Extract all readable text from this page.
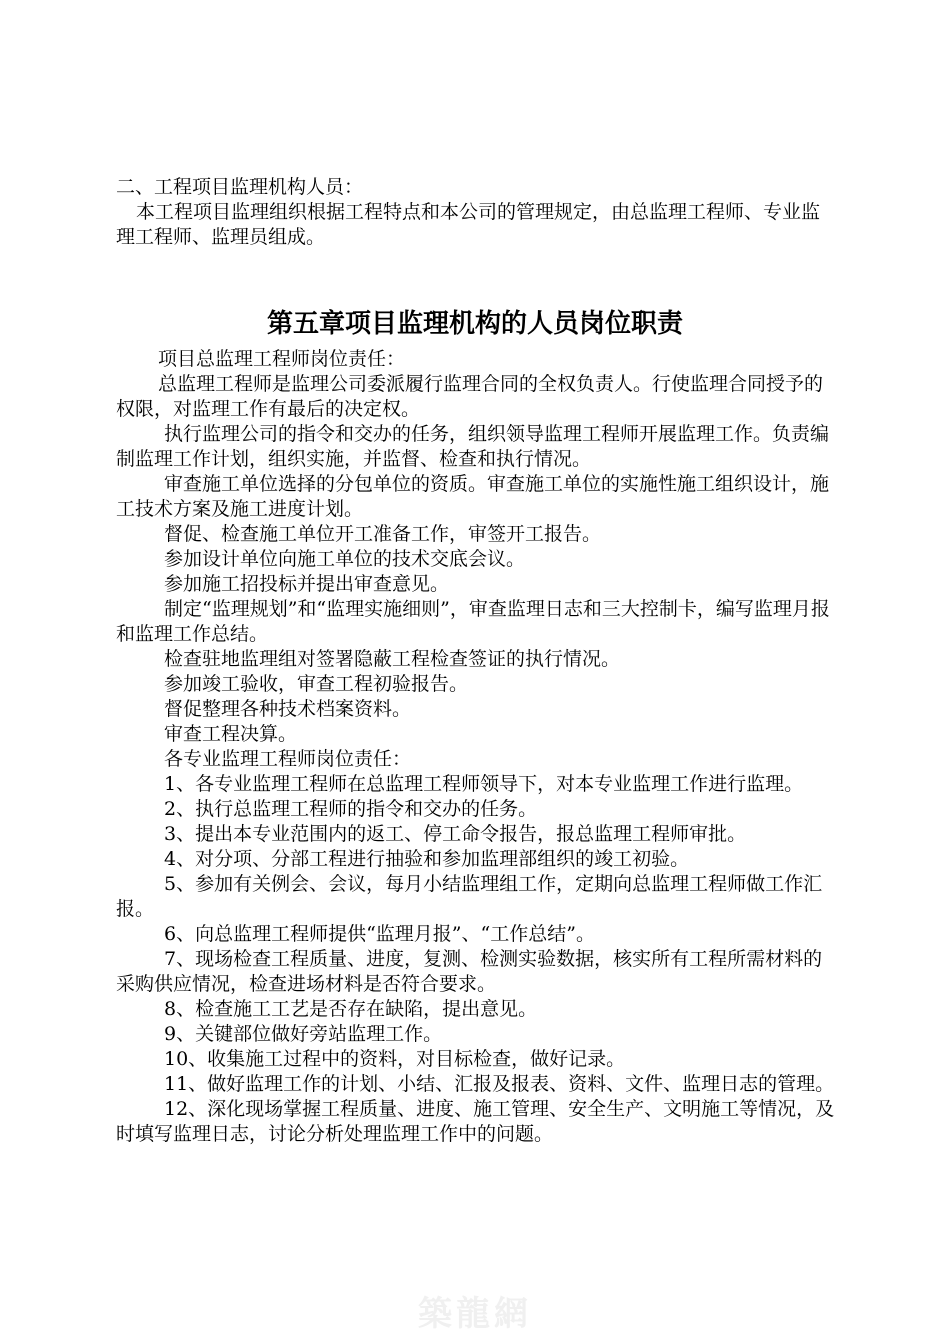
二、工程项目监理机构人员：

本工程项目监理组织根据工程特点和本公司的管理规定，由总监理工程师、专业监理工程师、监理员组成。

第五章项目监理机构的人员岗位职责

项目总监理工程师岗位责任：

总监理工程师是监理公司委派履行监理合同的全权负责人。行使监理合同授予的权限，对监理工作有最后的决定权。

执行监理公司的指令和交办的任务，组织领导监理工程师开展监理工作。负责编制监理工作计划，组织实施，并监督、检查和执行情况。

审查施工单位选择的分包单位的资质。审查施工单位的实施性施工组织设计，施工技术方案及施工进度计划。

督促、检查施工单位开工准备工作，审签开工报告。

参加设计单位向施工单位的技术交底会议。

参加施工招投标并提出审查意见。

制定“监理规划”和“监理实施细则”，审查监理日志和三大控制卡，编写监理月报和监理工作总结。

检查驻地监理组对签署隐蔽工程检查签证的执行情况。

参加竣工验收，审查工程初验报告。

督促整理各种技术档案资料。

审查工程决算。

各专业监理工程师岗位责任：

1、各专业监理工程师在总监理工程师领导下，对本专业监理工作进行监理。

2、执行总监理工程师的指令和交办的任务。

3、提出本专业范围内的返工、停工命令报告，报总监理工程师审批。

4、对分项、分部工程进行抽验和参加监理部组织的竣工初验。

5、参加有关例会、会议，每月小结监理组工作，定期向总监理工程师做工作汇报。

6、向总监理工程师提供“监理月报”、“工作总结”。

7、现场检查工程质量、进度，复测、检测实验数据，核实所有工程所需材料的采购供应情况，检查进场材料是否符合要求。

8、检查施工工艺是否存在缺陷，提出意见。

9、关键部位做好旁站监理工作。

10、收集施工过程中的资料，对目标检查，做好记录。

11、做好监理工作的计划、小结、汇报及报表、资料、文件、监理日志的管理。

12、深化现场掌握工程质量、进度、施工管理、安全生产、文明施工等情况，及时填写监理日志，讨论分析处理监理工作中的问题。

築龍網
